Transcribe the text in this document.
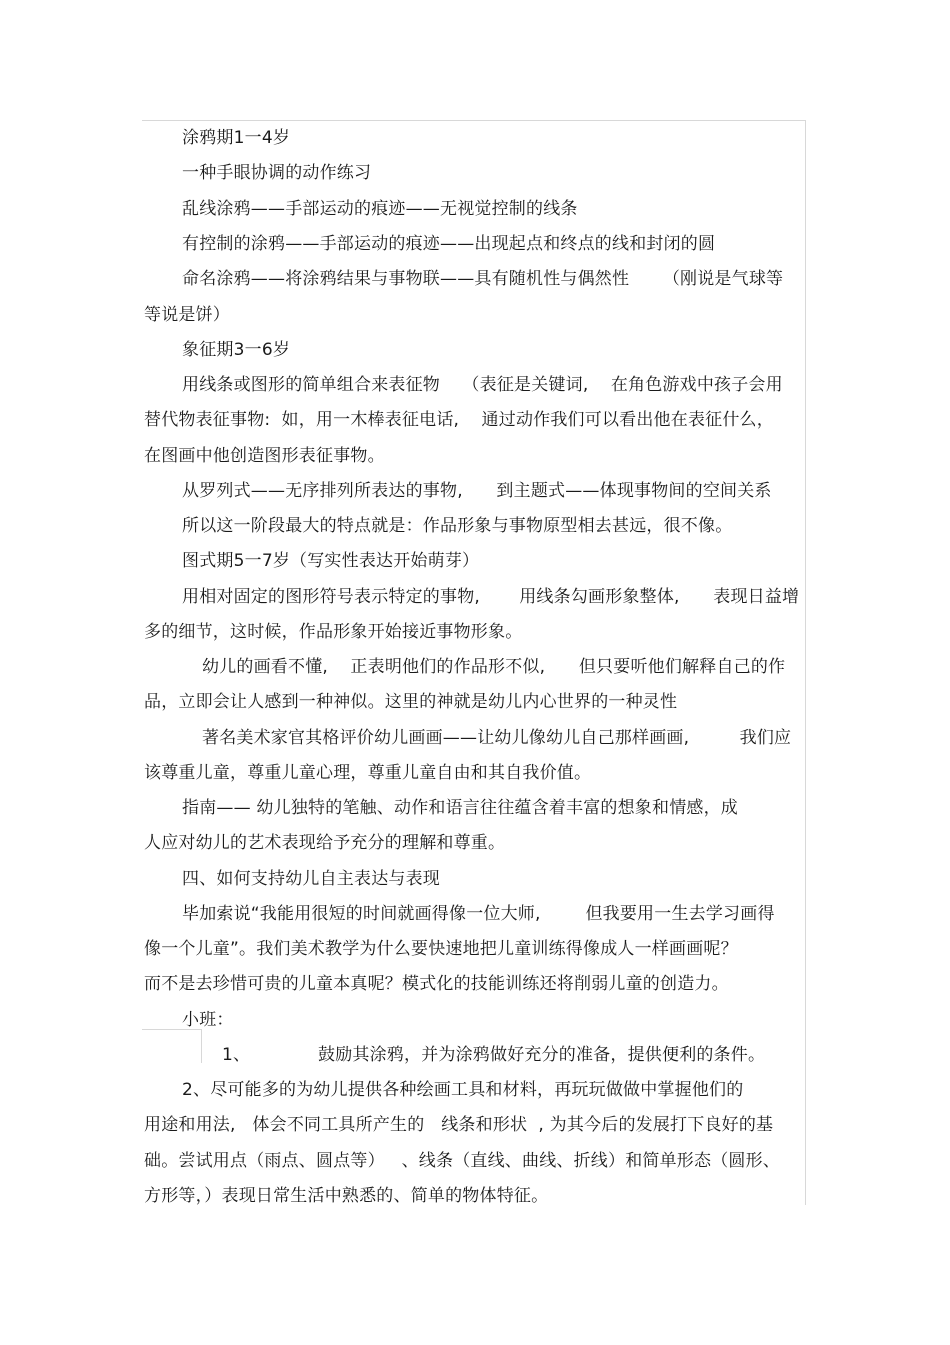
涂鸦期1一4岁
一种手眼协调的动作练习
乱线涂鸦——手部运动的痕迹——无视觉控制的线条
有控制的涂鸦——手部运动的痕迹——出现起点和终点的线和封闭的圆
命名涂鸦——将涂鸦结果与事物联——具有随机性与偶然性      （刚说是气球等
等说是饼）
象征期3一6岁
用线条或图形的简单组合来表征物    （表征是关键词,    在角色游戏中孩子会用
替代物表征事物:  如，用一木棒表征电话,    通过动作我们可以看出他在表征什么，
在图画中他创造图形表征事物。
从罗列式——无序排列所表达的事物,      到主题式——体现事物间的空间关系
所以这一阶段最大的特点就是：作品形象与事物原型相去甚远，很不像。
图式期5一7岁（写实性表达开始萌芽）
用相对固定的图形符号表示特定的事物,       用线条勾画形象整体,      表现日益增
多的细节，这时候，作品形象开始接近事物形象。
幼儿的画看不懂,    正表明他们的作品形不似,      但只要听他们解释自己的作
品，立即会让人感到一种神似。这里的神就是幼儿内心世界的一种灵性
著名美术家官其格评价幼儿画画——让幼儿像幼儿自己那样画画,         我们应
该尊重儿童，尊重儿童心理，尊重儿童自由和其自我价值。
指南—— 幼儿独特的笔触、动作和语言往往蕴含着丰富的想象和情感，成
人应对幼儿的艺术表现给予充分的理解和尊重。
四、如何支持幼儿自主表达与表现
毕加索说“我能用很短的时间就画得像一位大师,        但我要用一生去学习画得
像一个儿童”。我们美术教学为什么要快速地把儿童训练得像成人一样画画呢？
而不是去珍惜可贵的儿童本真呢？模式化的技能训练还将削弱儿童的创造力。
小班：
1、	鼓励其涂鸦，并为涂鸦做好充分的准备，提供便利的条件。
2、尽可能多的为幼儿提供各种绘画工具和材料，再玩玩做做中掌握他们的
用途和用法,   体会不同工具所产生的   线条和形状  , 为其今后的发展打下良好的基
础。尝试用点（雨点、圆点等）   、线条（直线、曲线、折线）和简单形态（圆形、
方形等，）表现日常生活中熟悉的、简单的物体特征。
